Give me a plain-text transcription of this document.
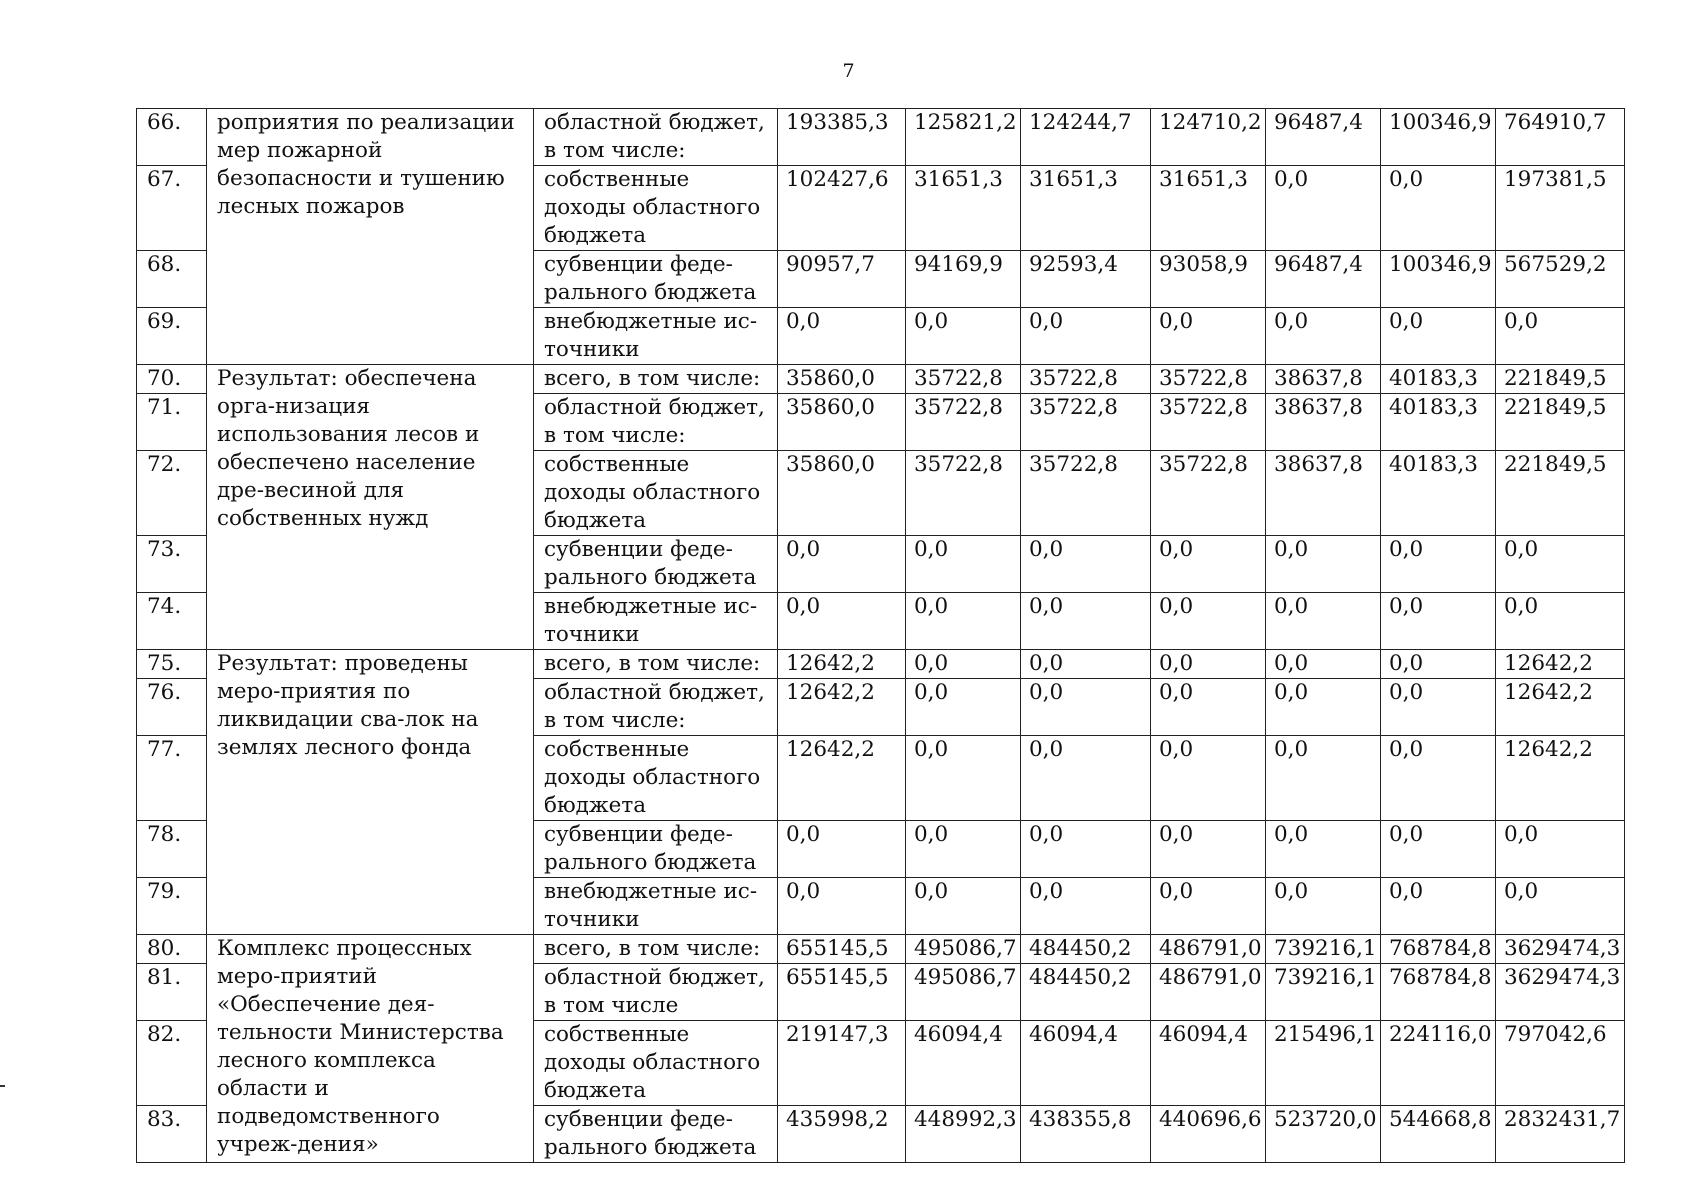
7
66.	роприятия по реализации мер пожарной безопасности и тушению лесных пожаров	областной бюджет, в том числе:	193385,3	125821,2	124244,7	124710,2	96487,4	100346,9	764910,7
67.		собственные доходы областного бюджета	102427,6	31651,3	31651,3	31651,3	0,0	0,0	197381,5
68.		субвенции феде-рального бюджета	90957,7	94169,9	92593,4	93058,9	96487,4	100346,9	567529,2
69.		внебюджетные ис-точники	0,0	0,0	0,0	0,0	0,0	0,0	0,0
70.	Результат: обеспечена орга-низация использования лесов и обеспечено население дре-весиной для собственных нужд	всего, в том числе:	35860,0	35722,8	35722,8	35722,8	38637,8	40183,3	221849,5
71.		областной бюджет, в том числе:	35860,0	35722,8	35722,8	35722,8	38637,8	40183,3	221849,5
72.		собственные доходы областного бюджета	35860,0	35722,8	35722,8	35722,8	38637,8	40183,3	221849,5
73.		субвенции феде-рального бюджета	0,0	0,0	0,0	0,0	0,0	0,0	0,0
74.		внебюджетные ис-точники	0,0	0,0	0,0	0,0	0,0	0,0	0,0
75.	Результат: проведены меро-приятия по ликвидации сва-лок на землях лесного фонда	всего, в том числе:	12642,2	0,0	0,0	0,0	0,0	0,0	12642,2
76.		областной бюджет, в том числе:	12642,2	0,0	0,0	0,0	0,0	0,0	12642,2
77.		собственные доходы областного бюджета	12642,2	0,0	0,0	0,0	0,0	0,0	12642,2
78.		субвенции феде-рального бюджета	0,0	0,0	0,0	0,0	0,0	0,0	0,0
79.		внебюджетные ис-точники	0,0	0,0	0,0	0,0	0,0	0,0	0,0
80.	Комплекс процессных меро-приятий «Обеспечение дея-тельности Министерства лесного комплекса области и подведомственного учреж-дения»	всего, в том числе:	655145,5	495086,7	484450,2	486791,0	739216,1	768784,8	3629474,3
81.		областной бюджет, в том числе	655145,5	495086,7	484450,2	486791,0	739216,1	768784,8	3629474,3
82.		собственные доходы областного бюджета	219147,3	46094,4	46094,4	46094,4	215496,1	224116,0	797042,6
83.		субвенции феде-рального бюджета	435998,2	448992,3	438355,8	440696,6	523720,0	544668,8	2832431,7
